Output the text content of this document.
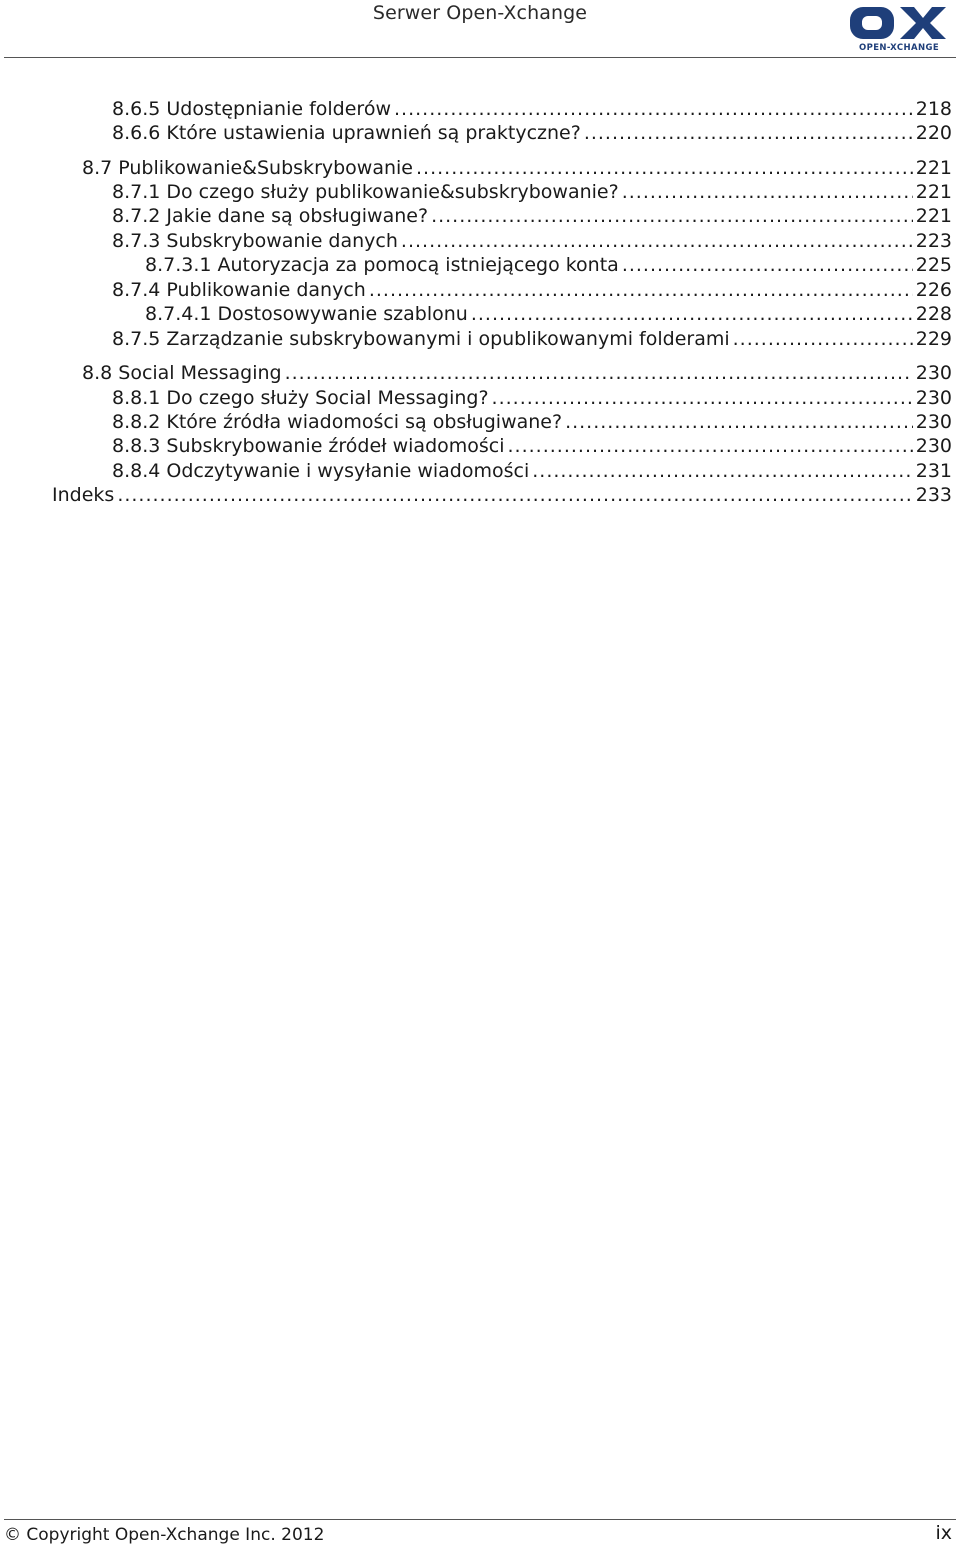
Serwer Open-Xchange
OPEN-XCHANGE
8.6.5 Udostępnianie folderów .....	218
8.6.6 Które ustawienia uprawnień są praktyczne? .....	220
8.7 Publikowanie&Subskrybowanie .....	221
8.7.1 Do czego służy publikowanie&subskrybowanie? .....	221
8.7.2 Jakie dane są obsługiwane? .....	221
8.7.3 Subskrybowanie danych .....	223
8.7.3.1 Autoryzacja za pomocą istniejącego konta .....	225
8.7.4 Publikowanie danych .....	226
8.7.4.1 Dostosowywanie szablonu .....	228
8.7.5 Zarządzanie subskrybowanymi i opublikowanymi folderami .....	229
8.8 Social Messaging .....	230
8.8.1 Do czego służy Social Messaging? .....	230
8.8.2 Które źródła wiadomości są obsługiwane? .....	230
8.8.3 Subskrybowanie źródeł wiadomości .....	230
8.8.4 Odczytywanie i wysyłanie wiadomości .....	231
Indeks .....	233
© Copyright Open-Xchange Inc. 2012	ix
